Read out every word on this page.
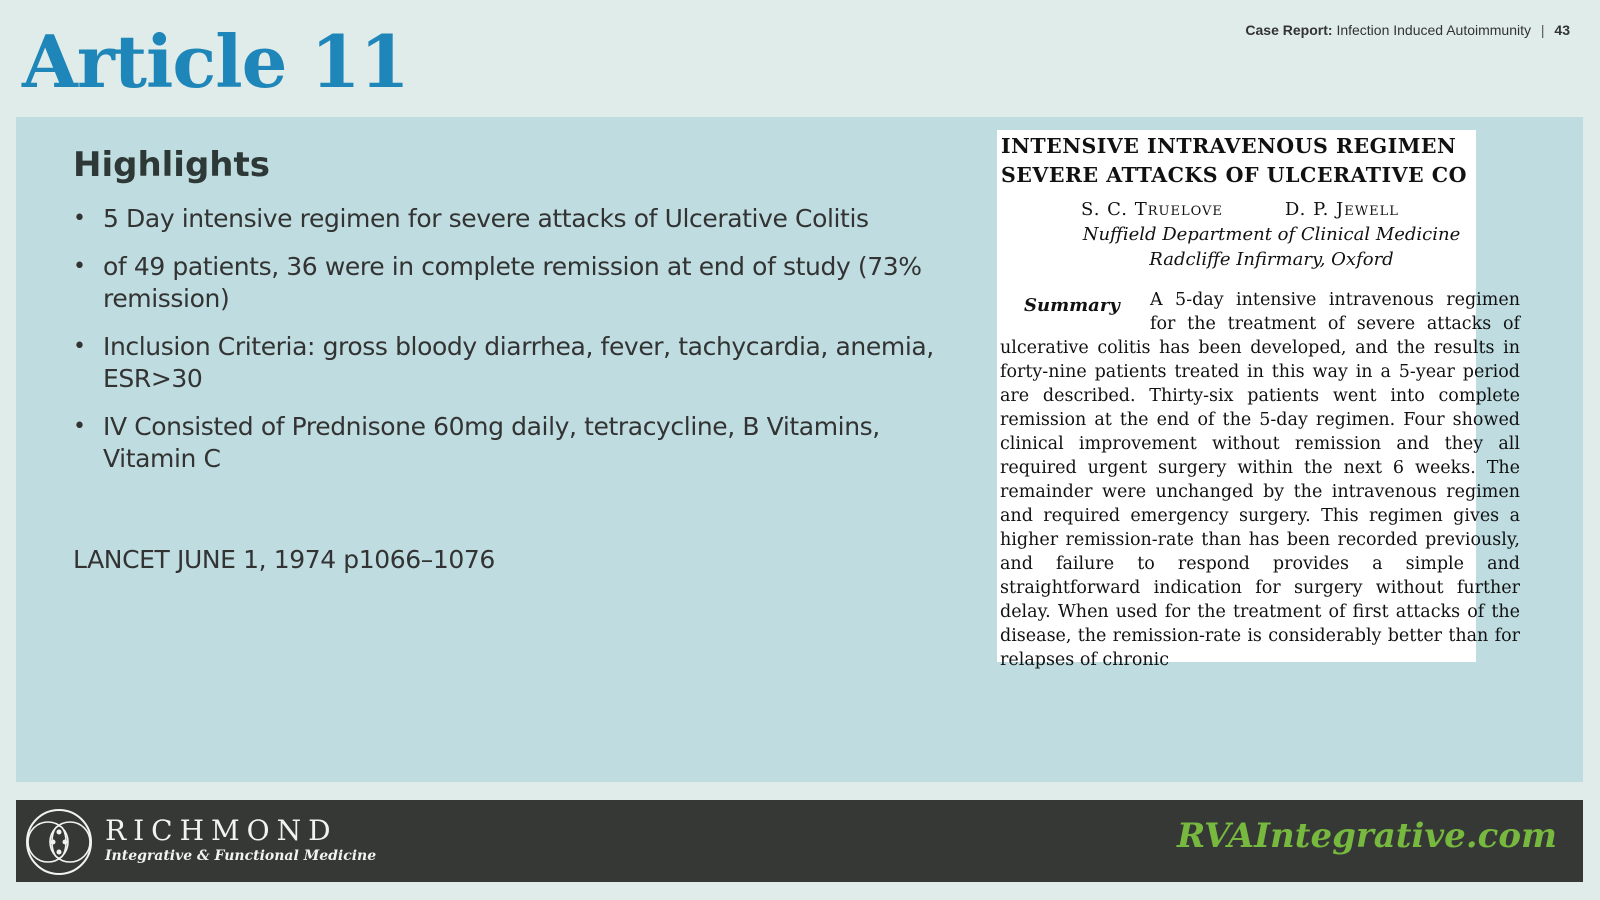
Article 11	Case Report: Infection Induced Autoimmunity | 43
Highlights
• 5 Day intensive regimen for severe attacks of Ulcerative Colitis
• of 49 patients, 36 were in complete remission at end of study (73% remission)
• Inclusion Criteria: gross bloody diarrhea, fever, tachycardia, anemia, ESR>30
• IV Consisted of Prednisone 60mg daily, tetracycline, B Vitamins, Vitamin C
LANCET JUNE 1, 1974 p1066–1076
INTENSIVE INTRAVENOUS REGIMEN
SEVERE ATTACKS OF ULCERATIVE CO
S. C. Truelove	D. P. Jewell
Nuffield Department of Clinical Medicine
Radcliffe Infirmary, Oxford
Summary	A 5-day intensive intravenous regimen for the treatment of severe attacks of ulcerative colitis has been developed, and the results in forty-nine patients treated in this way in a 5-year period are described. Thirty-six patients went into complete remission at the end of the 5-day regimen. Four showed clinical improvement without remission and they all required urgent surgery within the next 6 weeks. The remainder were unchanged by the intravenous regimen and required emergency surgery. This regimen gives a higher remission-rate than has been recorded previously, and failure to respond provides a simple and straightforward indication for surgery without further delay. When used for the treatment of first attacks of the disease, the remission-rate is considerably better than for relapses of chronic

RICHMOND
Integrative & Functional Medicine	RVAIntegrative.com
